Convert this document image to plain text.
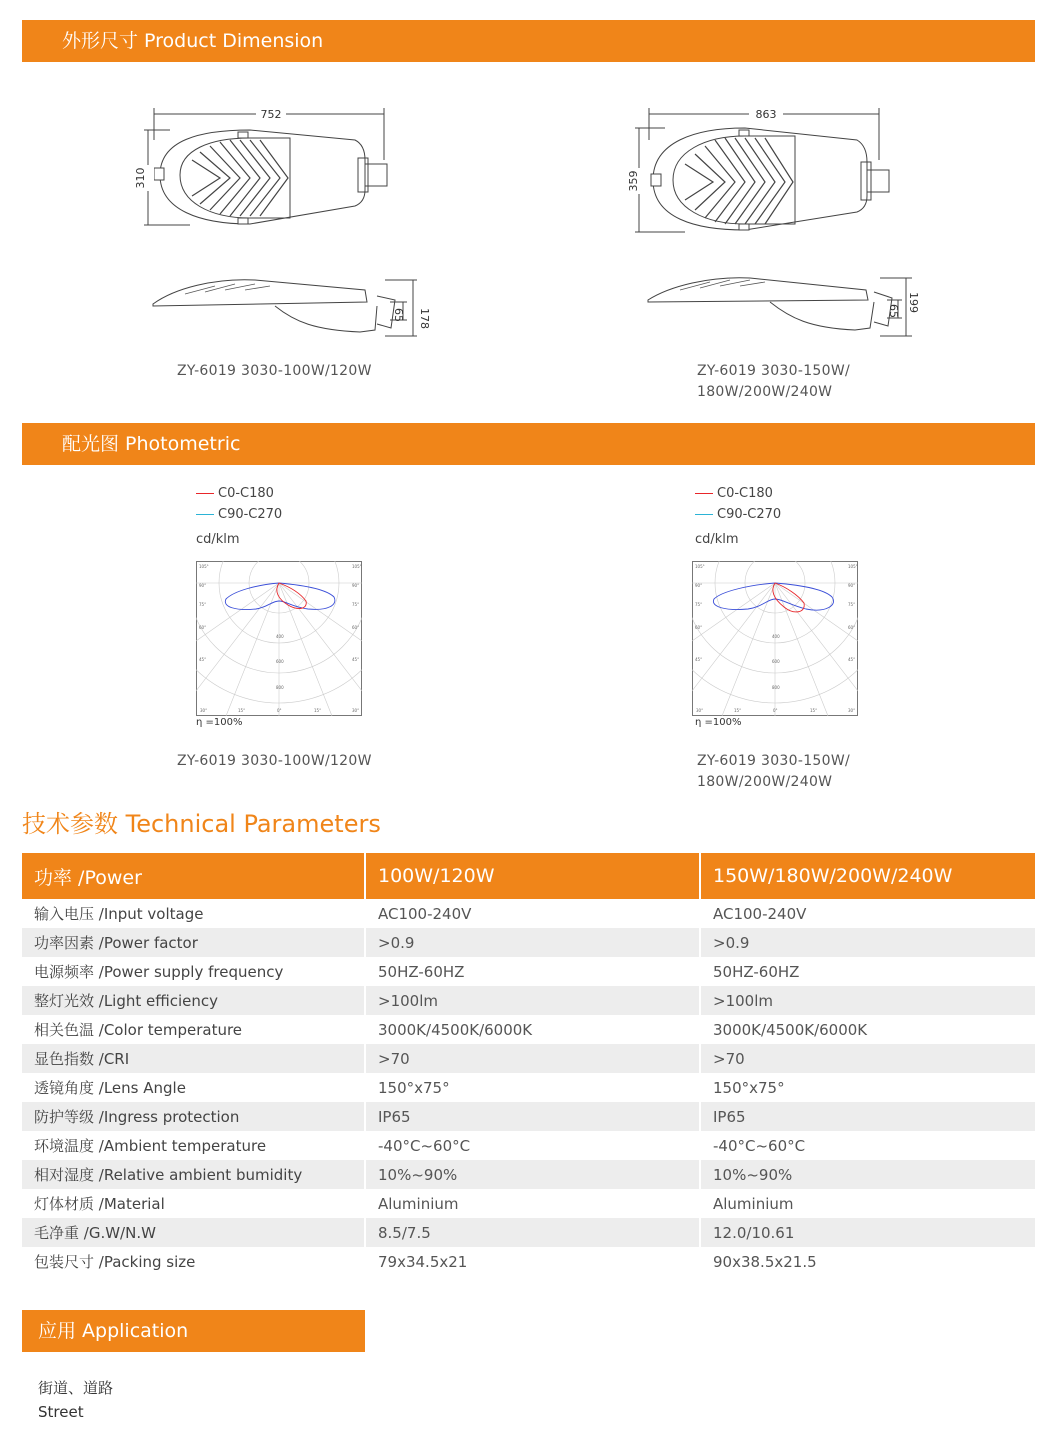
外形尺寸 Product Dimension
752
310
178
65
ZY-6019 3030-100W/120W
863
359
199
65
ZY-6019 3030-150W/
180W/200W/240W
配光图 Photometric
C0-C180
C90-C270
cd/klm
105°
90°
75°
60°
45°
105°
90°
75°
60°
45°
400
600
800
30°	15°	0°	15°	30°
η =100%
ZY-6019 3030-100W/120W
C0-C180
C90-C270
cd/klm
105°
90°
75°
60°
45°
105°
90°
75°
60°
45°
400
600
800
30°	15°	0°	15°	30°
η =100%
ZY-6019 3030-150W/
180W/200W/240W
技术参数 Technical Parameters
功率 /Power	100W/120W	150W/180W/200W/240W
输入电压 /Input voltage	AC100-240V	AC100-240V
功率因素 /Power factor	>0.9	>0.9
电源频率 /Power supply frequency	50HZ-60HZ	50HZ-60HZ
整灯光效 /Light efficiency	>100lm	>100lm
相关色温 /Color temperature	3000K/4500K/6000K	3000K/4500K/6000K
显色指数 /CRI	>70	>70
透镜角度 /Lens Angle	150°x75°	150°x75°
防护等级 /Ingress protection	IP65	IP65
环境温度 /Ambient temperature	-40°C~60°C	-40°C~60°C
相对湿度 /Relative ambient bumidity	10%~90%	10%~90%
灯体材质 /Material	Aluminium	Aluminium
毛净重 /G.W/N.W	8.5/7.5	12.0/10.61
包装尺寸 /Packing size	79x34.5x21	90x38.5x21.5
应用 Application
街道、道路
Street
